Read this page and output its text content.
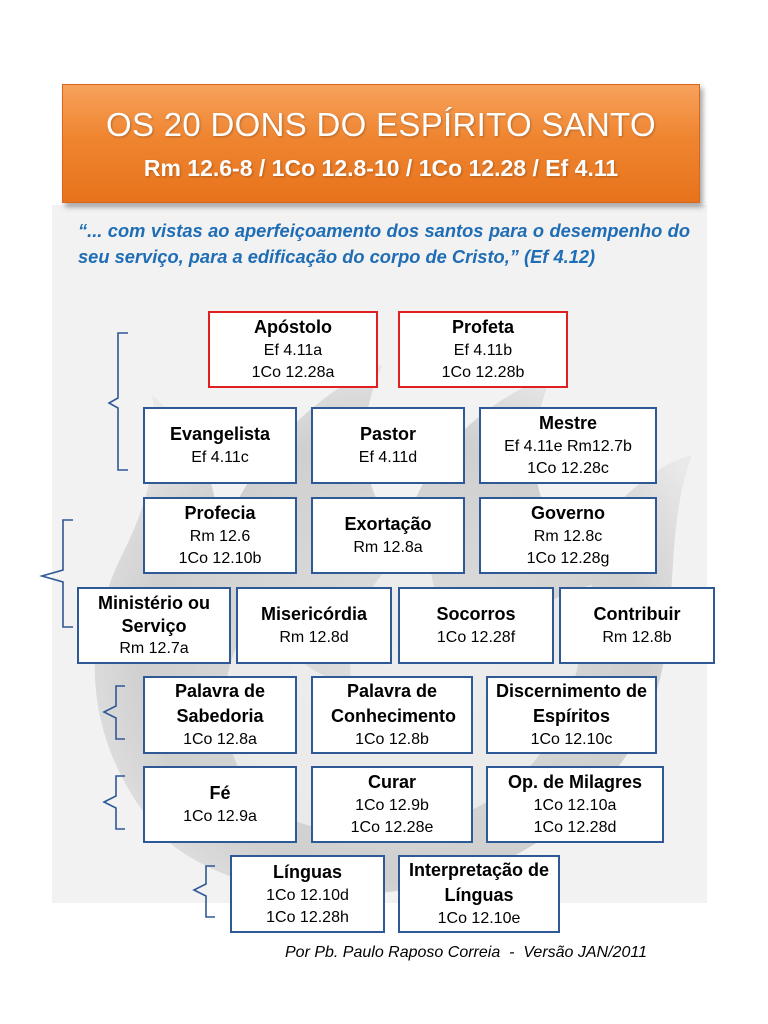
OS 20 DONS DO ESPÍRITO SANTO
Rm 12.6-8 / 1Co 12.8-10 / 1Co 12.28 / Ef 4.11
“... com vistas ao aperfeiçoamento dos santos para o desempenho do seu serviço, para a edificação do corpo de Cristo,” (Ef 4.12)
Apóstolo
Ef 4.11a
1Co 12.28a
Profeta
Ef 4.11b
1Co 12.28b
Evangelista
Ef 4.11c
Pastor
Ef 4.11d
Mestre
Ef 4.11e Rm12.7b
1Co 12.28c
Profecia
Rm 12.6
1Co 12.10b
Exortação
Rm 12.8a
Governo
Rm 12.8c
1Co 12.28g
Ministério ou Serviço
Rm 12.7a
Misericórdia
Rm 12.8d
Socorros
1Co 12.28f
Contribuir
Rm 12.8b
Palavra de Sabedoria
1Co 12.8a
Palavra de Conhecimento
1Co 12.8b
Discernimento de Espíritos
1Co 12.10c
Fé
1Co 12.9a
Curar
1Co 12.9b
1Co 12.28e
Op. de Milagres
1Co 12.10a
1Co 12.28d
Línguas
1Co 12.10d
1Co 12.28h
Interpretação de Línguas
1Co 12.10e
Por Pb. Paulo Raposo Correia  -  Versão JAN/2011
